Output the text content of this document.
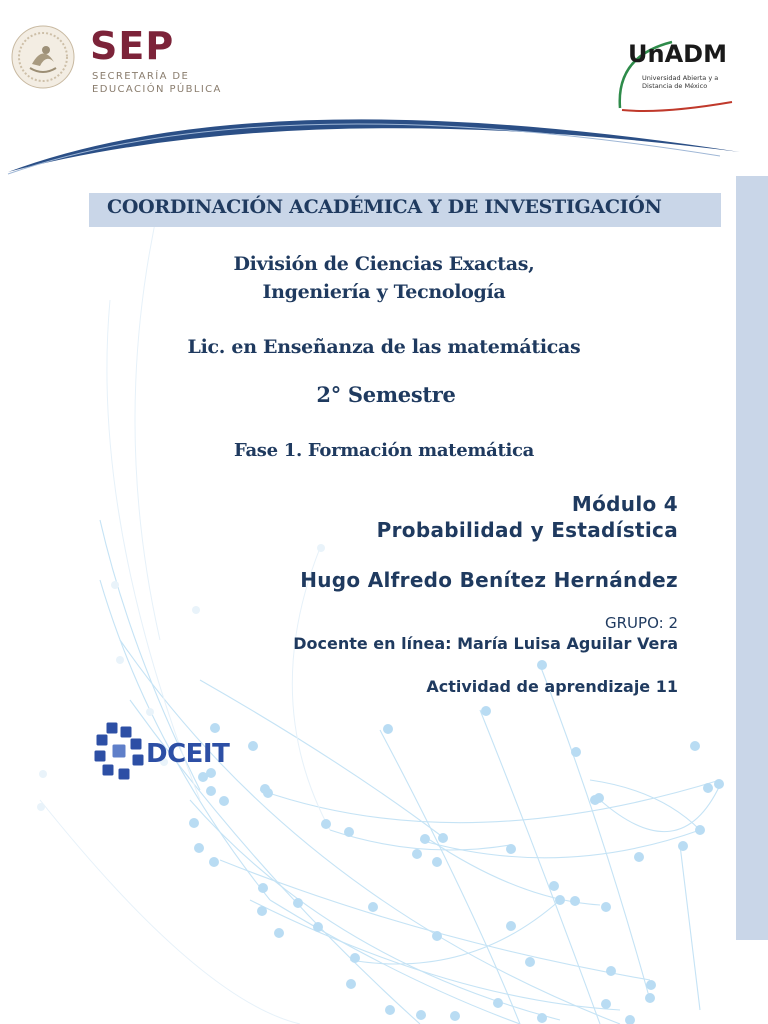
SEP
SECRETARÍA DE
EDUCACIÓN PÚBLICA
UnADM
Universidad Abierta y a
Distancia de México
COORDINACIÓN ACADÉMICA Y DE INVESTIGACIÓN
División de Ciencias Exactas,
Ingeniería y Tecnología
Lic. en Enseñanza de las matemáticas
2° Semestre
Fase 1. Formación matemática
Módulo 4
Probabilidad y Estadística
Hugo Alfredo Benítez Hernández
GRUPO: 2
Docente en línea: María Luisa Aguilar Vera
Actividad de aprendizaje 11
DCEIT
